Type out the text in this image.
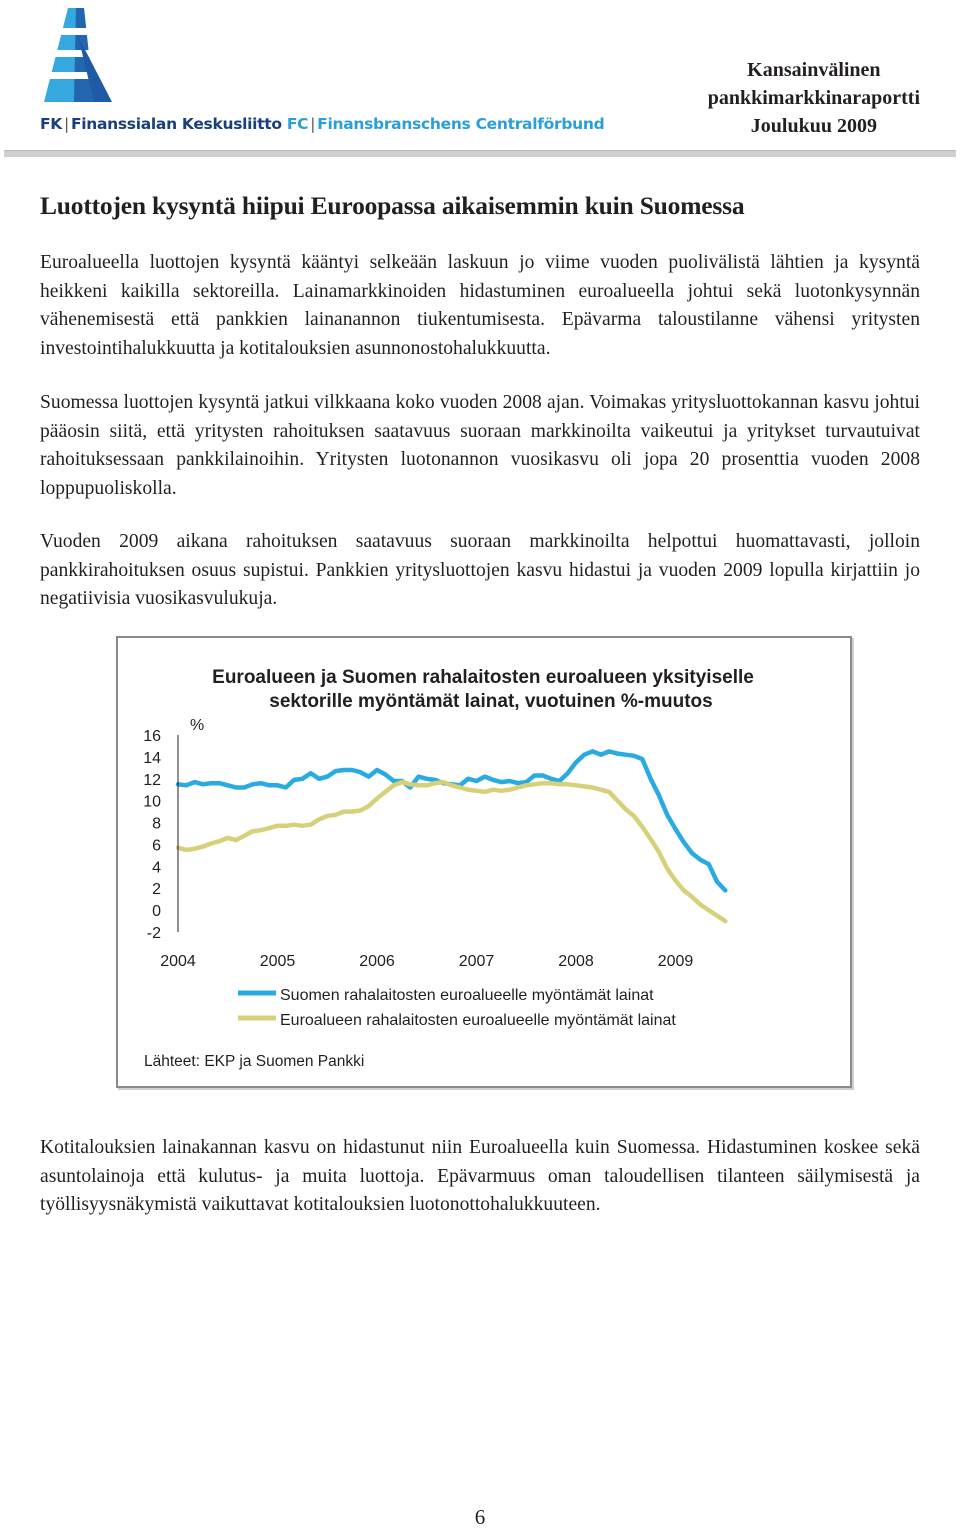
FK | Finanssialan Keskusliitto FC | Finansbranschens Centralförbund
Kansainvälinen
pankkimarkkinaraportti
Joulukuu 2009
Luottojen kysyntä hiipui Euroopassa aikaisemmin kuin Suomessa

Euroalueella luottojen kysyntä kääntyi selkeään laskuun jo viime vuoden puolivälistä lähtien ja kysyntä heikkeni kaikilla sektoreilla. Lainamarkkinoiden hidastuminen euroalueella johtui sekä luotonkysynnän vähenemisestä että pankkien lainanannon tiukentumisesta. Epävarma taloustilanne vähensi yritysten investointihalukkuutta ja kotitalouksien asunnonostohalukkuutta.

Suomessa luottojen kysyntä jatkui vilkkaana koko vuoden 2008 ajan. Voimakas yritysluottokannan kasvu johtui pääosin siitä, että yritysten rahoituksen saatavuus suoraan markkinoilta vaikeutui ja yritykset turvautuivat rahoituksessaan pankkilainoihin. Yritysten luotonannon vuosikasvu oli jopa 20 prosenttia vuoden 2008 loppupuoliskolla.

Vuoden 2009 aikana rahoituksen saatavuus suoraan markkinoilta helpottui huomattavasti, jolloin pankkirahoituksen osuus supistui. Pankkien yritysluottojen kasvu hidastui ja vuoden 2009 lopulla kirjattiin jo negatiivisia vuosikasvulukuja.

Euroalueen ja Suomen rahalaitosten euroalueen yksityiselle
sektorille myöntämät lainat, vuotuinen %-muutos
%
16
14
12
10
8
6
4
2
0
-2
2004	2005	2006	2007	2008	2009
Suomen rahalaitosten euroalueelle myöntämät lainat
Euroalueen rahalaitosten euroalueelle myöntämät lainat
Lähteet: EKP ja Suomen Pankki

Kotitalouksien lainakannan kasvu on hidastunut niin Euroalueella kuin Suomessa. Hidastuminen koskee sekä asuntolainoja että kulutus- ja muita luottoja. Epävarmuus oman taloudellisen tilanteen säilymisestä ja työllisyysnäkymistä vaikuttavat kotitalouksien luotonottohalukkuuteen.

6
